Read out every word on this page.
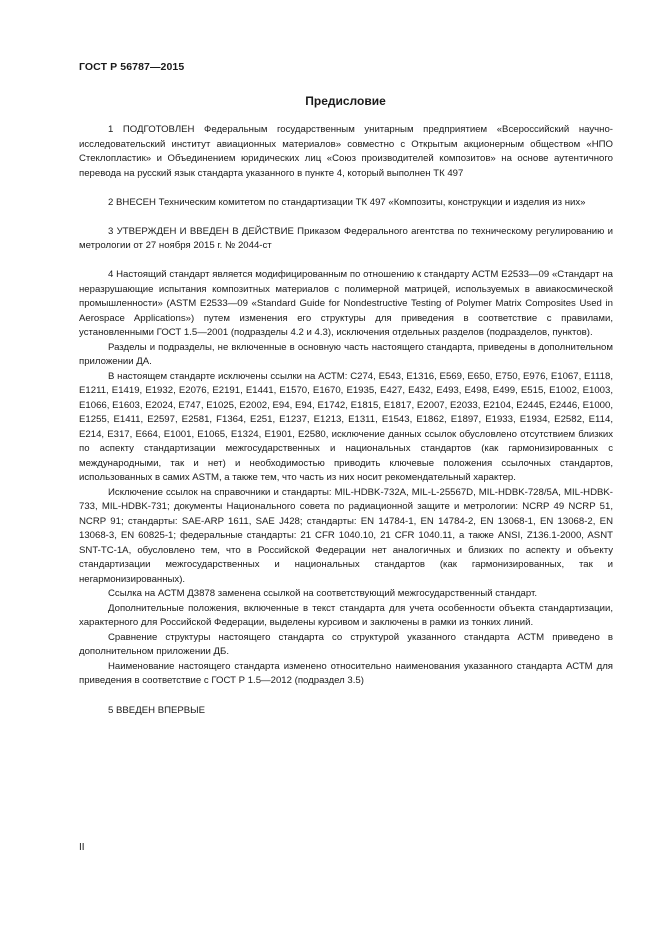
ГОСТ Р 56787—2015
Предисловие

1 ПОДГОТОВЛЕН Федеральным государственным унитарным предприятием «Всероссийский научно-исследовательский институт авиационных материалов» совместно с Открытым акционерным обществом «НПО Стеклопластик» и Объединением юридических лиц «Союз производителей композитов» на основе аутентичного перевода на русский язык стандарта указанного в пункте 4, который выполнен ТК 497

2 ВНЕСЕН Техническим комитетом по стандартизации ТК 497 «Композиты, конструкции и изделия из них»

3 УТВЕРЖДЕН И ВВЕДЕН В ДЕЙСТВИЕ Приказом Федерального агентства по техническому регулированию и метрологии от 27 ноября 2015 г. № 2044-ст

4 Настоящий стандарт является модифицированным по отношению к стандарту АСТМ Е2533—09 «Стандарт на неразрушающие испытания композитных материалов с полимерной матрицей, используемых в авиакосмической промышленности» (ASTM E2533—09 «Standard Guide for Nondestructive Testing of Polymer Matrix Composites Used in Aerospace Applications») путем изменения его структуры для приведения в соответствие с правилами, установленными ГОСТ 1.5—2001 (подразделы 4.2 и 4.3), исключения отдельных разделов (подразделов, пунктов).

Разделы и подразделы, не включенные в основную часть настоящего стандарта, приведены в дополнительном приложении ДА.

В настоящем стандарте исключены ссылки на АСТМ: С274, Е543, Е1316, Е569, Е650, Е750, Е976, Е1067, Е1118, Е1211, Е1419, Е1932, Е2076, Е2191, Е1441, Е1570, Е1670, Е1935, Е427, Е432, Е493, Е498, Е499, Е515, Е1002, Е1003, Е1066, Е1603, Е2024, Е747, Е1025, Е2002, Е94, Е94, Е1742, Е1815, Е1817, Е2007, Е2033, Е2104, Е2445, Е2446, Е1000, Е1255, Е1411, Е2597, Е2581, F1364, Е251, Е1237, Е1213, Е1311, Е1543, Е1862, Е1897, Е1933, Е1934, Е2582, Е114, Е214, Е317, Е664, Е1001, Е1065, Е1324, Е1901, Е2580, исключение данных ссылок обусловлено отсутствием близких по аспекту стандартизации межгосударственных и национальных стандартов (как гармонизированных с международными, так и нет) и необходимостью приводить ключевые положения ссылочных стандартов, использованных в самих ASTM, а также тем, что часть из них носит рекомендательный характер.

Исключение ссылок на справочники и стандарты: MIL-HDBK-732A, MIL-L-25567D, MIL-HDBK-728/5A, MIL-HDBK-733, MIL-HDBK-731; документы Национального совета по радиационной защите и метрологии: NCRP 49 NCRP 51, NCRP 91; стандарты: SAE-ARP 1611, SAE J428; стандарты: EN 14784-1, EN 14784-2, EN 13068-1, EN 13068-2, EN 13068-3, EN 60825-1; федеральные стандарты: 21 CFR 1040.10, 21 CFR 1040.11, а также ANSI, Z136.1-2000, ASNT SNT-TC-1A, обусловлено тем, что в Российской Федерации нет аналогичных и близких по аспекту и объекту стандартизации межгосударственных и национальных стандартов (как гармонизированных, так и негармонизированных).

Ссылка на АСТМ Д3878 заменена ссылкой на соответствующий межгосударственный стандарт.

Дополнительные положения, включенные в текст стандарта для учета особенности объекта стандартизации, характерного для Российской Федерации, выделены курсивом и заключены в рамки из тонких линий.

Сравнение структуры настоящего стандарта со структурой указанного стандарта АСТМ приведено в дополнительном приложении ДБ.

Наименование настоящего стандарта изменено относительно наименования указанного стандарта АСТМ для приведения в соответствие с ГОСТ Р 1.5—2012 (подраздел 3.5)

5 ВВЕДЕН ВПЕРВЫЕ

II
